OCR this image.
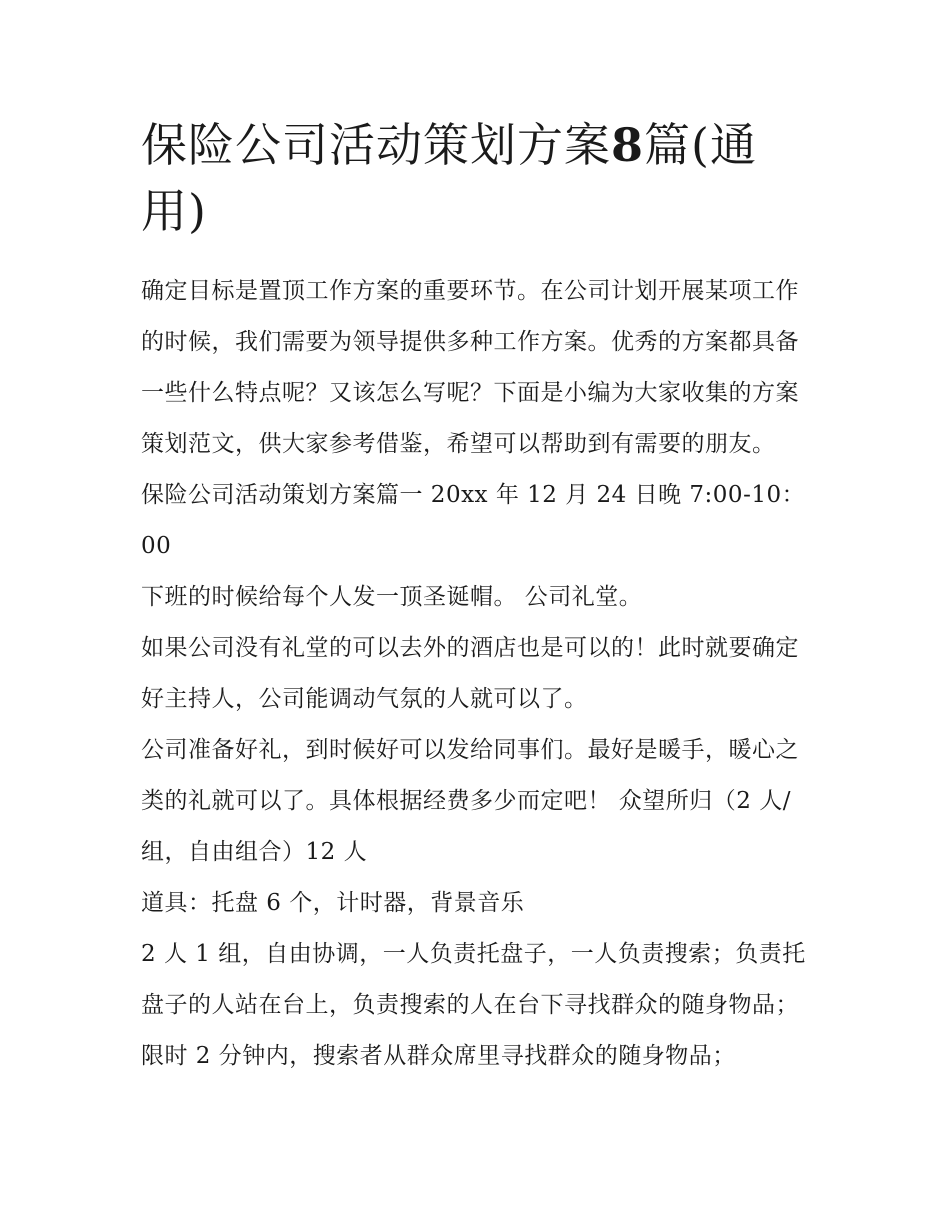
保险公司活动策划方案8篇(通用)

确定目标是置顶工作方案的重要环节。在公司计划开展某项工作的时候，我们需要为领导提供多种工作方案。优秀的方案都具备一些什么特点呢？又该怎么写呢？下面是小编为大家收集的方案策划范文，供大家参考借鉴，希望可以帮助到有需要的朋友。

保险公司活动策划方案篇一 20xx 年 12 月 24 日晚 7:00-10：00

下班的时候给每个人发一顶圣诞帽。 公司礼堂。

如果公司没有礼堂的可以去外的酒店也是可以的！此时就要确定好主持人，公司能调动气氛的人就可以了。

公司准备好礼，到时候好可以发给同事们。最好是暖手，暖心之类的礼就可以了。具体根据经费多少而定吧！ 众望所归（2 人/组，自由组合）12 人

道具：托盘 6 个，计时器，背景音乐

2 人 1 组，自由协调，一人负责托盘子，一人负责搜索；负责托盘子的人站在台上，负责搜索的人在台下寻找群众的随身物品；限时 2 分钟内，搜索者从群众席里寻找群众的随身物品；
